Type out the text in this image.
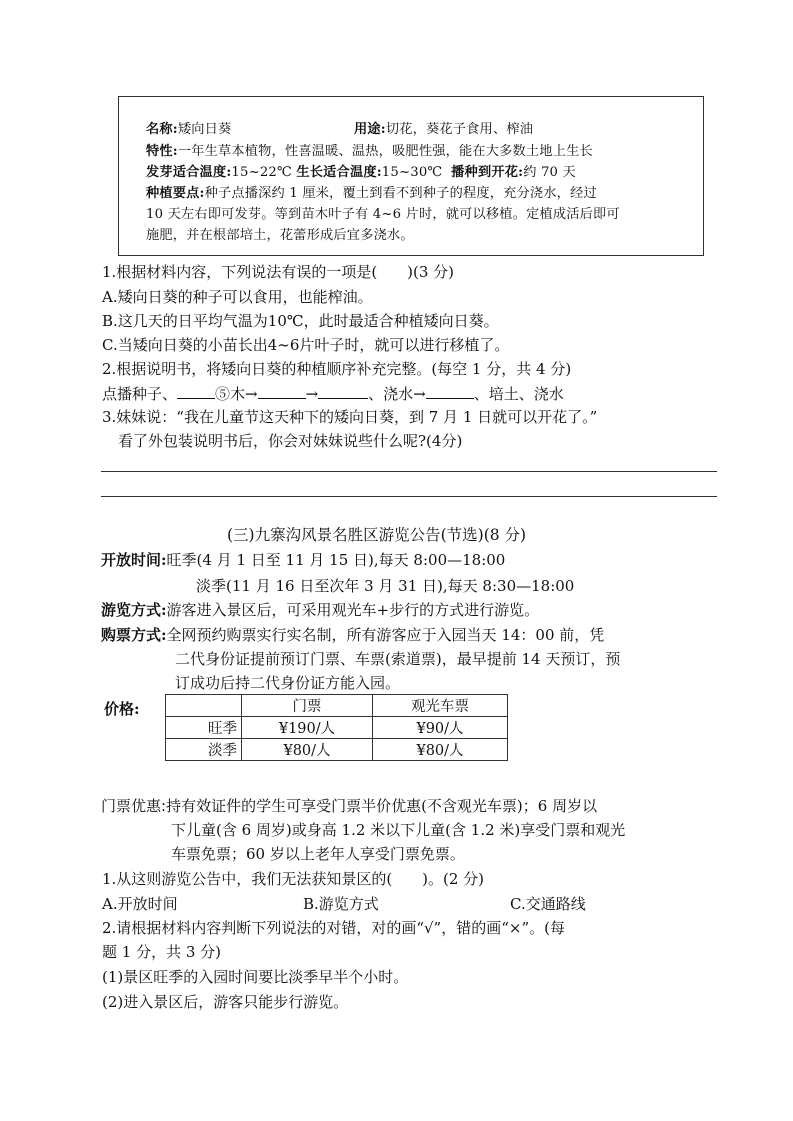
名称:矮向日葵	用途:切花，葵花子食用、榨油
特性:一年生草本植物，性喜温暖、温热，吸肥性强，能在大多数土地上生长
发芽适合温度:15~22℃ 生长适合温度:15~30℃ 播种到开花:约 70 天
种植要点:种子点播深约 1 厘米，覆土到看不到种子的程度，充分浇水，经过
10 天左右即可发芽。等到苗木叶子有 4~6 片时，就可以移植。定植成活后即可
施肥，并在根部培土，花蕾形成后宜多浇水。
1.根据材料内容，下列说法有误的一项是(　　)(3 分)
A.矮向日葵的种子可以食用，也能榨油。
B.这几天的日平均气温为10℃，此时最适合种植矮向日葵。
C.当矮向日葵的小苗长出4~6片叶子时，就可以进行移植了。
2.根据说明书，将矮向日葵的种植顺序补充完整。(每空 1 分，共 4 分)
点播种子、	⑤木→	→	、浇水→	、培土、浇水
3.妹妹说：“我在儿童节这天种下的矮向日葵，到 7 月 1 日就可以开花了。”
看了外包装说明书后，你会对妹妹说些什么呢?(4分)
(三)九寨沟风景名胜区游览公告(节选)(8 分)
开放时间:旺季(4 月 1 日至 11 月 15 日),每天 8:00—18:00
淡季(11 月 16 日至次年 3 月 31 日),每天 8:30—18:00
游览方式:游客进入景区后，可采用观光车+步行的方式进行游览。
购票方式:全网预约购票实行实名制，所有游客应于入园当天 14：00 前，凭
二代身份证提前预订门票、车票(索道票)，最早提前 14 天预订，预
订成功后持二代身份证方能入园。
价格:
		门票	观光车票
旺季	¥190/人	¥90/人
淡季	¥80/人	¥80/人
门票优惠:持有效证件的学生可享受门票半价优惠(不含观光车票)；6 周岁以
下儿童(含 6 周岁)或身高 1.2 米以下儿童(含 1.2 米)享受门票和观光
车票免票；60 岁以上老年人享受门票免票。
1.从这则游览公告中，我们无法获知景区的(　　)。(2 分)
A.开放时间	B.游览方式	C.交通路线
2.请根据材料内容判断下列说法的对错，对的画“√”，错的画“×”。(每
题 1 分，共 3 分)
(1)景区旺季的入园时间要比淡季早半个小时。
(2)进入景区后，游客只能步行游览。
